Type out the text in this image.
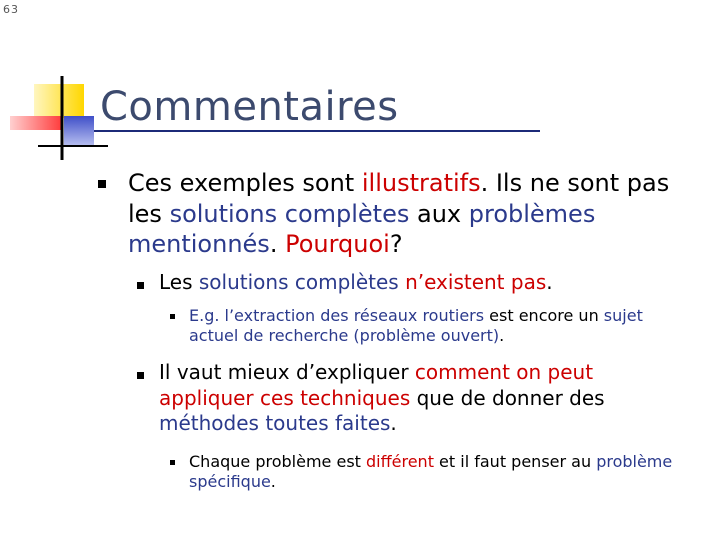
63
Commentaires
Ces exemples sont illustratifs. Ils ne sont pas les solutions complètes aux problèmes mentionnés. Pourquoi?
Les solutions complètes n’existent pas.
E.g. l’extraction des réseaux routiers est encore un sujet actuel de recherche (problème ouvert).
Il vaut mieux d’expliquer comment on peut appliquer ces techniques que de donner des méthodes toutes faites.
Chaque problème est différent et il faut penser au problème spécifique.
